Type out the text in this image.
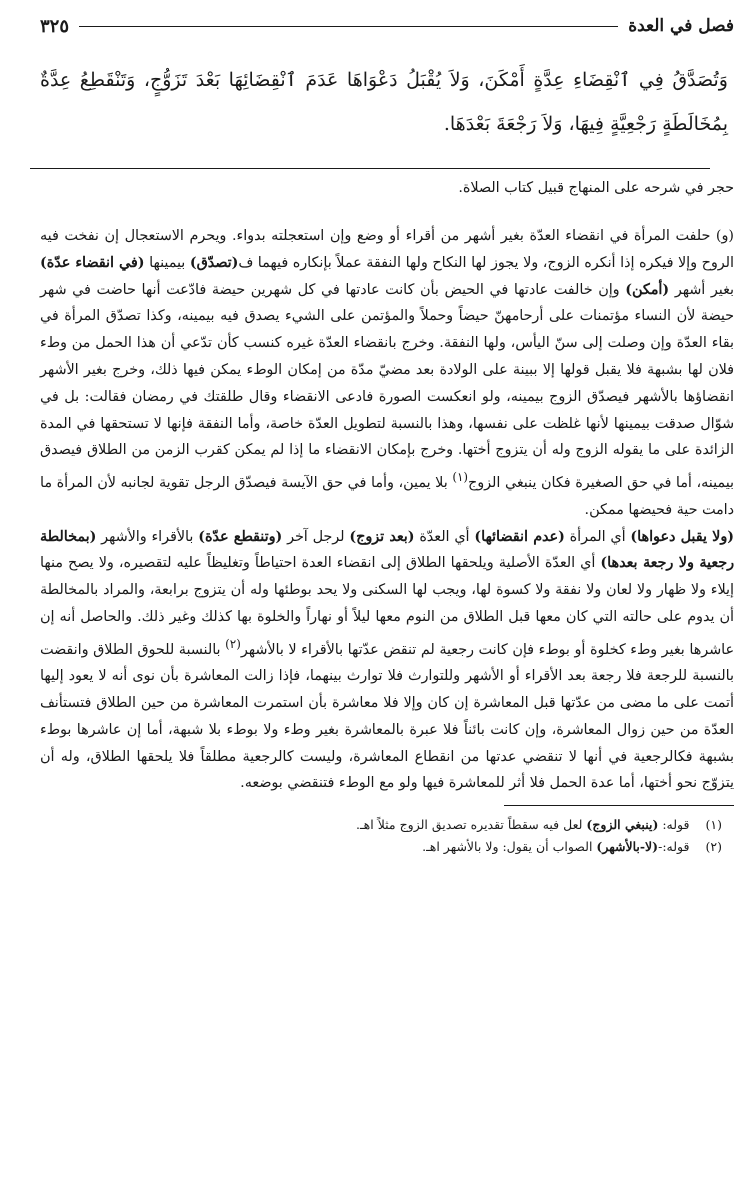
فصل في العدة
٣٢٥
وَتُصَدَّقُ فِي ٱنْقِضَاءِ عِدَّةٍ أَمْكَنَ، وَلاَ يُقْبَلُ دَعْوَاهَا عَدَمَ ٱنْقِضَائِهَا بَعْدَ تَزَوُّجٍ، وَتَنْقَطِعُ عِدَّةٌ بِمُخَالَطَةٍ رَجْعِيَّةٍ فِيهَا، وَلاَ رَجْعَةَ بَعْدَهَا.
حجر في شرحه على المنهاج قبيل كتاب الصلاة.

(و) حلفت المرأة في انقضاء العدّة بغير أشهر من أقراء أو وضع وإن استعجلته بدواء. ويحرم الاستعجال إن نفخت فيه الروح وإلا فيكره إذا أنكره الزوج، ولا يجوز لها النكاح ولها النفقة عملاً بإنكاره فيهما ف(تصدّق) بيمينها (في انقضاء عدّة) بغير أشهر (أمكن) وإن خالفت عادتها في الحيض بأن كانت عادتها في كل شهرين حيضة فادّعت أنها حاضت في شهر حيضة لأن النساء مؤتمنات على أرحامهنّ حيضاً وحملاً والمؤتمن على الشيء يصدق فيه بيمينه، وكذا تصدّق المرأة في بقاء العدّة وإن وصلت إلى سنّ اليأس، ولها النفقة. وخرج بانقضاء العدّة غيره كنسب كأن تدّعي أن هذا الحمل من وطء فلان لها بشبهة فلا يقبل قولها إلا ببينة على الولادة بعد مضيّ مدّة من إمكان الوطء يمكن فيها ذلك، وخرج بغير الأشهر انقضاؤها بالأشهر فيصدّق الزوج بيمينه، ولو انعكست الصورة فادعى الانقضاء وقال طلقتك في رمضان فقالت: بل في شوّال صدقت بيمينها لأنها غلظت على نفسها، وهذا بالنسبة لتطويل العدّة خاصة، وأما النفقة فإنها لا تستحقها في المدة الزائدة على ما يقوله الزوج وله أن يتزوج أختها. وخرج بإمكان الانقضاء ما إذا لم يمكن كقرب الزمن من الطلاق فيصدق بيمينه، أما في حق الصغيرة فكان ينبغي الزوج$^{(١)}$ بلا يمين، وأما في حق الآيسة فيصدّق الرجل تقوية لجانبه لأن المرأة ما دامت حية فحيضها ممكن.

(ولا يقبل دعواها) أي المرأة (عدم انقضائها) أي العدّة (بعد تزوج) لرجل آخر (وتنقطع عدّة) بالأقراء والأشهر (بمخالطة رجعية ولا رجعة بعدها) أي العدّة الأصلية ويلحقها الطلاق إلى انقضاء العدة احتياطاً وتغليظاً عليه لتقصيره، ولا يصح منها إيلاء ولا ظهار ولا لعان ولا نفقة ولا كسوة لها، ويجب لها السكنى ولا يحد بوطئها وله أن يتزوج برابعة، والمراد بالمخالطة أن يدوم على حالته التي كان معها قبل الطلاق من النوم معها ليلاً أو نهاراً والخلوة بها كذلك وغير ذلك. والحاصل أنه إن عاشرها بغير وطء كخلوة أو بوطء فإن كانت رجعية لم تنقض عدّتها بالأقراء لا بالأشهر$^{(٢)}$ بالنسبة للحوق الطلاق وانقضت بالنسبة للرجعة فلا رجعة بعد الأقراء أو الأشهر وللتوارث فلا توارث بينهما، فإذا زالت المعاشرة بأن نوى أنه لا يعود إليها أتمت على ما مضى من عدّتها قبل المعاشرة إن كان وإلا فلا معاشرة بأن استمرت المعاشرة من حين الطلاق فتستأنف العدّة من حين زوال المعاشرة، وإن كانت بائناً فلا عبرة بالمعاشرة بغير وطء ولا بوطء بلا شبهة، أما إن عاشرها بوطء بشبهة فكالرجعية في أنها لا تنقضي عدتها من انقطاع المعاشرة، وليست كالرجعية مطلقاً فلا يلحقها الطلاق، وله أن يتزوّج نحو أختها، أما عدة الحمل فلا أثر للمعاشرة فيها ولو مع الوطء فتنقضي بوضعه.

(١)
قوله: (ينبغي الزوج) لعل فيه سقطاً تقديره تصديق الزوج مثلاً اهـ.
(٢)
قوله:-(لا-بالأشهر) الصواب أن يقول: ولا بالأشهر اهـ.
